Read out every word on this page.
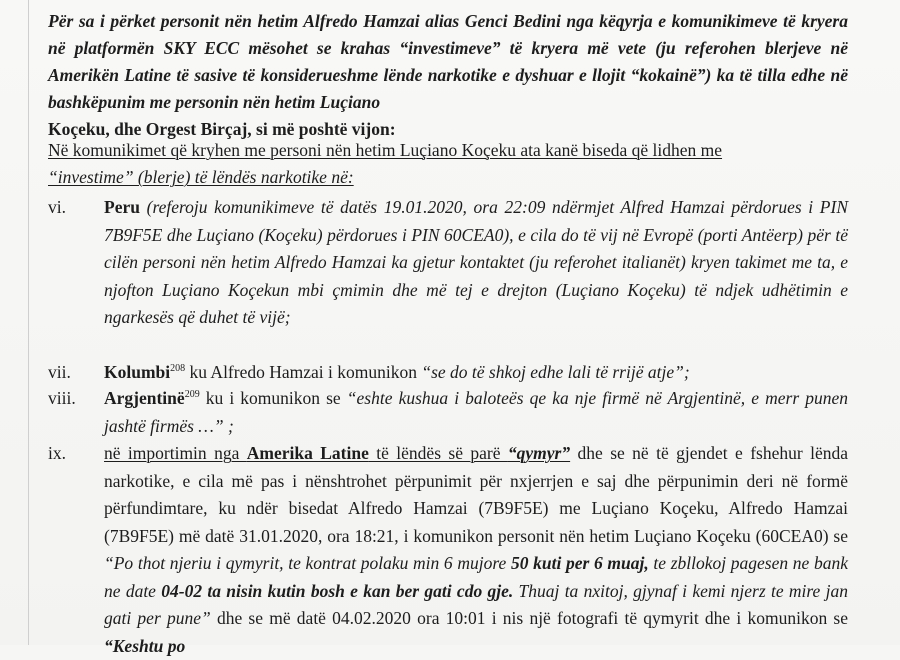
Për sa i përket personit nën hetim Alfredo Hamzai alias Genci Bedini nga këqyrja e komunikimeve të kryera në platformën SKY ECC mësohet se krahas “investimeve” të kryera më vete (ju referohen blerjeve në Amerikën Latine të sasive të konsiderueshme lënde narkotike e dyshuar e llojit “kokainë”) ka të tilla edhe në bashkëpunim me personin nën hetim Luçiano
Koçeku, dhe Orgest Birçaj, si më poshtë vijon:
Në komunikimet që kryhen me personi nën hetim Luçiano Koçeku ata kanë biseda që lidhen me
“investime” (blerje) të lëndës narkotike në:
vi.	Peru (referoju komunikimeve të datës 19.01.2020, ora 22:09 ndërmjet Alfred Hamzai përdorues i PIN 7B9F5E dhe Luçiano (Koçeku) përdorues i PIN 60CEA0), e cila do të vij në Evropë (porti Antëerp) për të cilën personi nën hetim Alfredo Hamzai ka gjetur kontaktet (ju referohet italianët) kryen takimet me ta, e njofton Luçiano Koçekun mbi çmimin dhe më tej e drejton (Luçiano Koçeku) të ndjek udhëtimin e ngarkesës që duhet të vijë;
vii.	Kolumbi$^{208}$ ku Alfredo Hamzai i komunikon “se do të shkoj edhe lali të rrijë atje”;
viii.	Argjentinë$^{209}$ ku i komunikon se “eshte kushua i baloteës qe ka nje firmë në Argjentinë, e merr punen jashtë firmës …” ;
ix.	në importimin nga Amerika Latine të lëndës së parë “qymyr” dhe se në të gjendet e fshehur lënda narkotike, e cila më pas i nënshtrohet përpunimit për nxjerrjen e saj dhe përpunimin deri në formë përfundimtare, ku ndër bisedat Alfredo Hamzai (7B9F5E) me Luçiano Koçeku, Alfredo Hamzai (7B9F5E) më datë 31.01.2020, ora 18:21, i komunikon personit nën hetim Luçiano Koçeku (60CEA0) se “Po thot njeriu i qymyrit, te kontrat polaku min 6 mujore 50 kuti per 6 muaj, te zbllokoj pagesen ne bank ne date 04-02 ta nisin kutin bosh e kan ber gati cdo gje. Thuaj ta nxitoj, gjynaf i kemi njerz te mire jan gati per pune” dhe se më datë 04.02.2020 ora 10:01 i nis një fotografi të qymyrit dhe i komunikon se “Keshtu po
